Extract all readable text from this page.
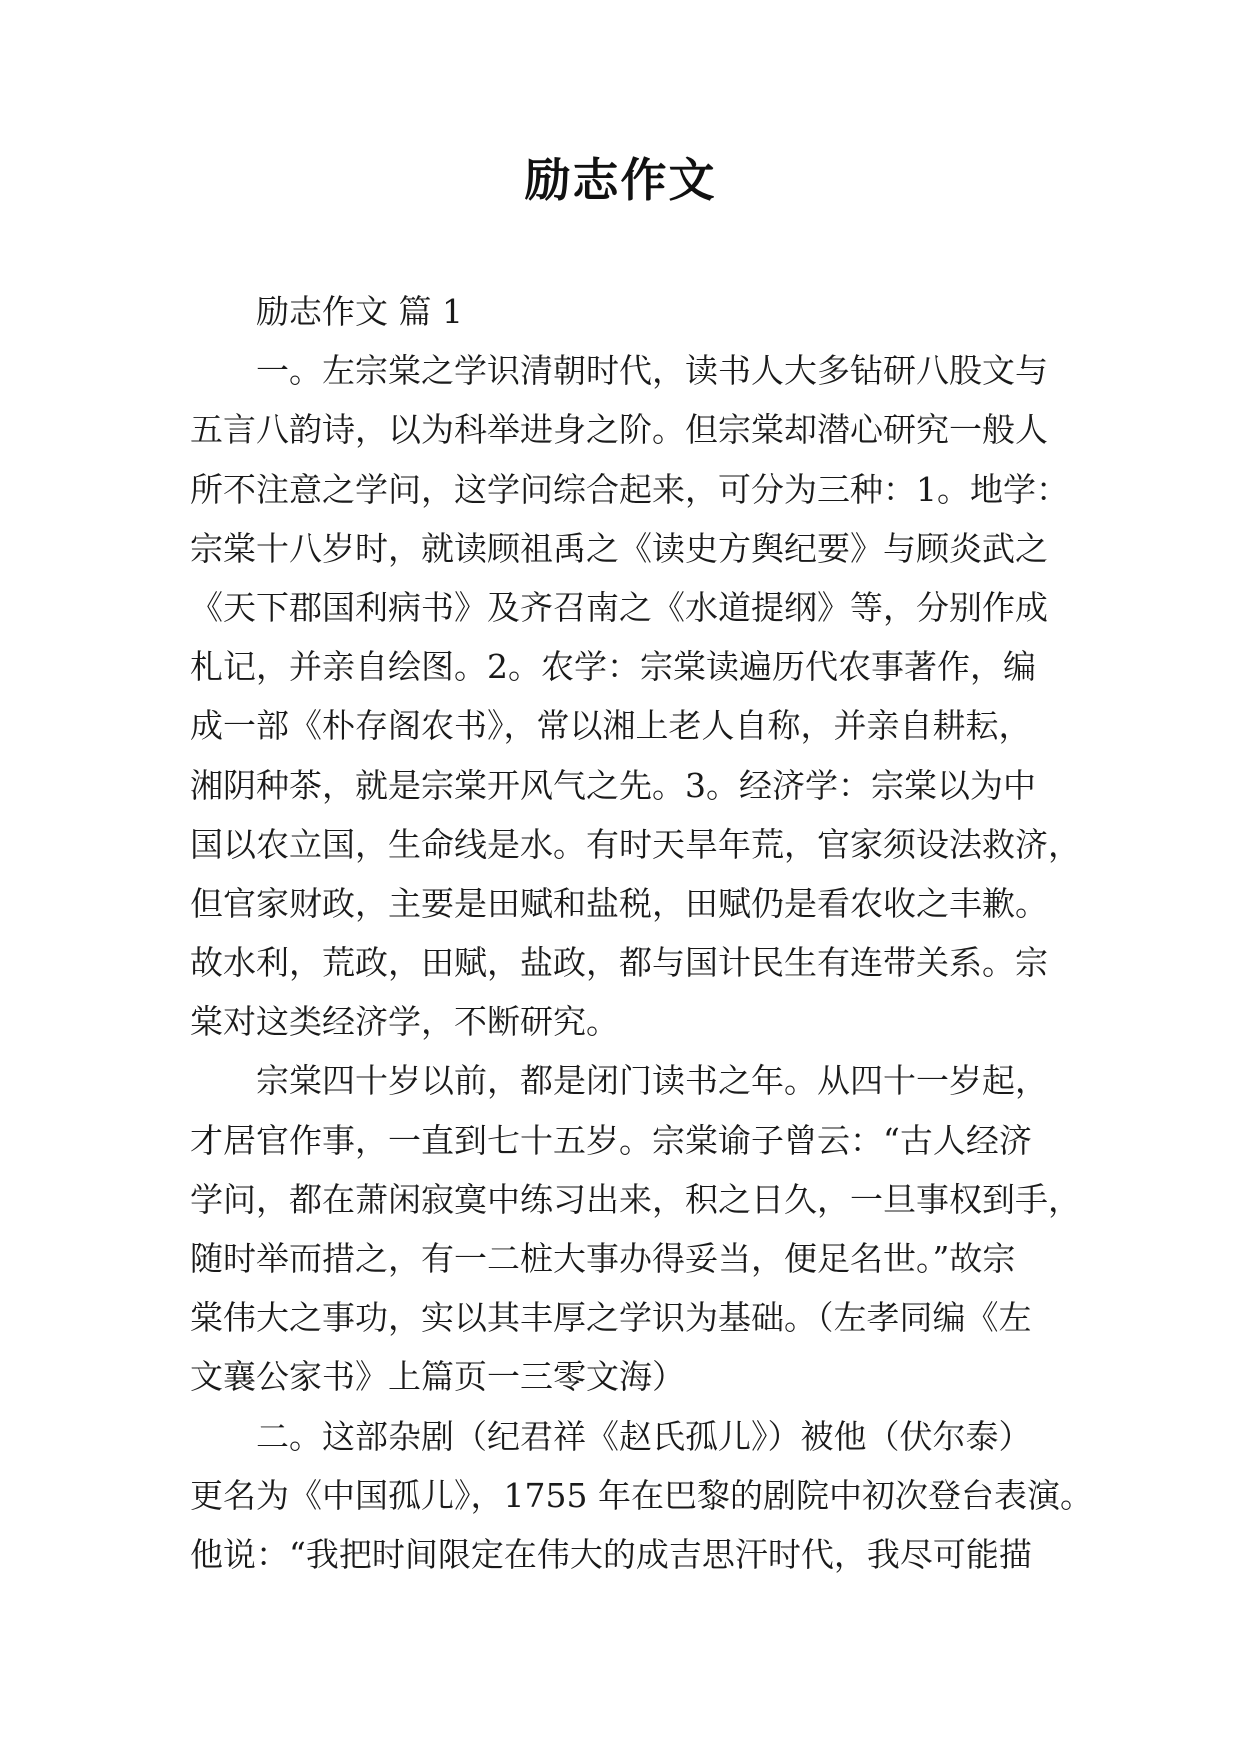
励志作文
励志作文 篇 1
一。左宗棠之学识清朝时代，读书人大多钻研八股文与
五言八韵诗，以为科举进身之阶。但宗棠却潜心研究一般人
所不注意之学问，这学问综合起来，可分为三种：1。地学：
宗棠十八岁时，就读顾祖禹之《读史方舆纪要》与顾炎武之
《天下郡国利病书》及齐召南之《水道提纲》等，分别作成
札记，并亲自绘图。2。农学：宗棠读遍历代农事著作，编
成一部《朴存阁农书》，常以湘上老人自称，并亲自耕耘，
湘阴种茶，就是宗棠开风气之先。3。经济学：宗棠以为中
国以农立国，生命线是水。有时天旱年荒，官家须设法救济，
但官家财政，主要是田赋和盐税，田赋仍是看农收之丰歉。
故水利，荒政，田赋，盐政，都与国计民生有连带关系。宗
棠对这类经济学，不断研究。
宗棠四十岁以前，都是闭门读书之年。从四十一岁起，
才居官作事，一直到七十五岁。宗棠谕子曾云：“古人经济
学问，都在萧闲寂寞中练习出来，积之日久，一旦事权到手，
随时举而措之，有一二桩大事办得妥当，便足名世。”故宗
棠伟大之事功，实以其丰厚之学识为基础。（左孝同编《左
文襄公家书》上篇页一三零文海）
二。这部杂剧（纪君祥《赵氏孤儿》）被他（伏尔泰）
更名为《中国孤儿》，1755 年在巴黎的剧院中初次登台表演。
他说：“我把时间限定在伟大的成吉思汗时代，我尽可能描
